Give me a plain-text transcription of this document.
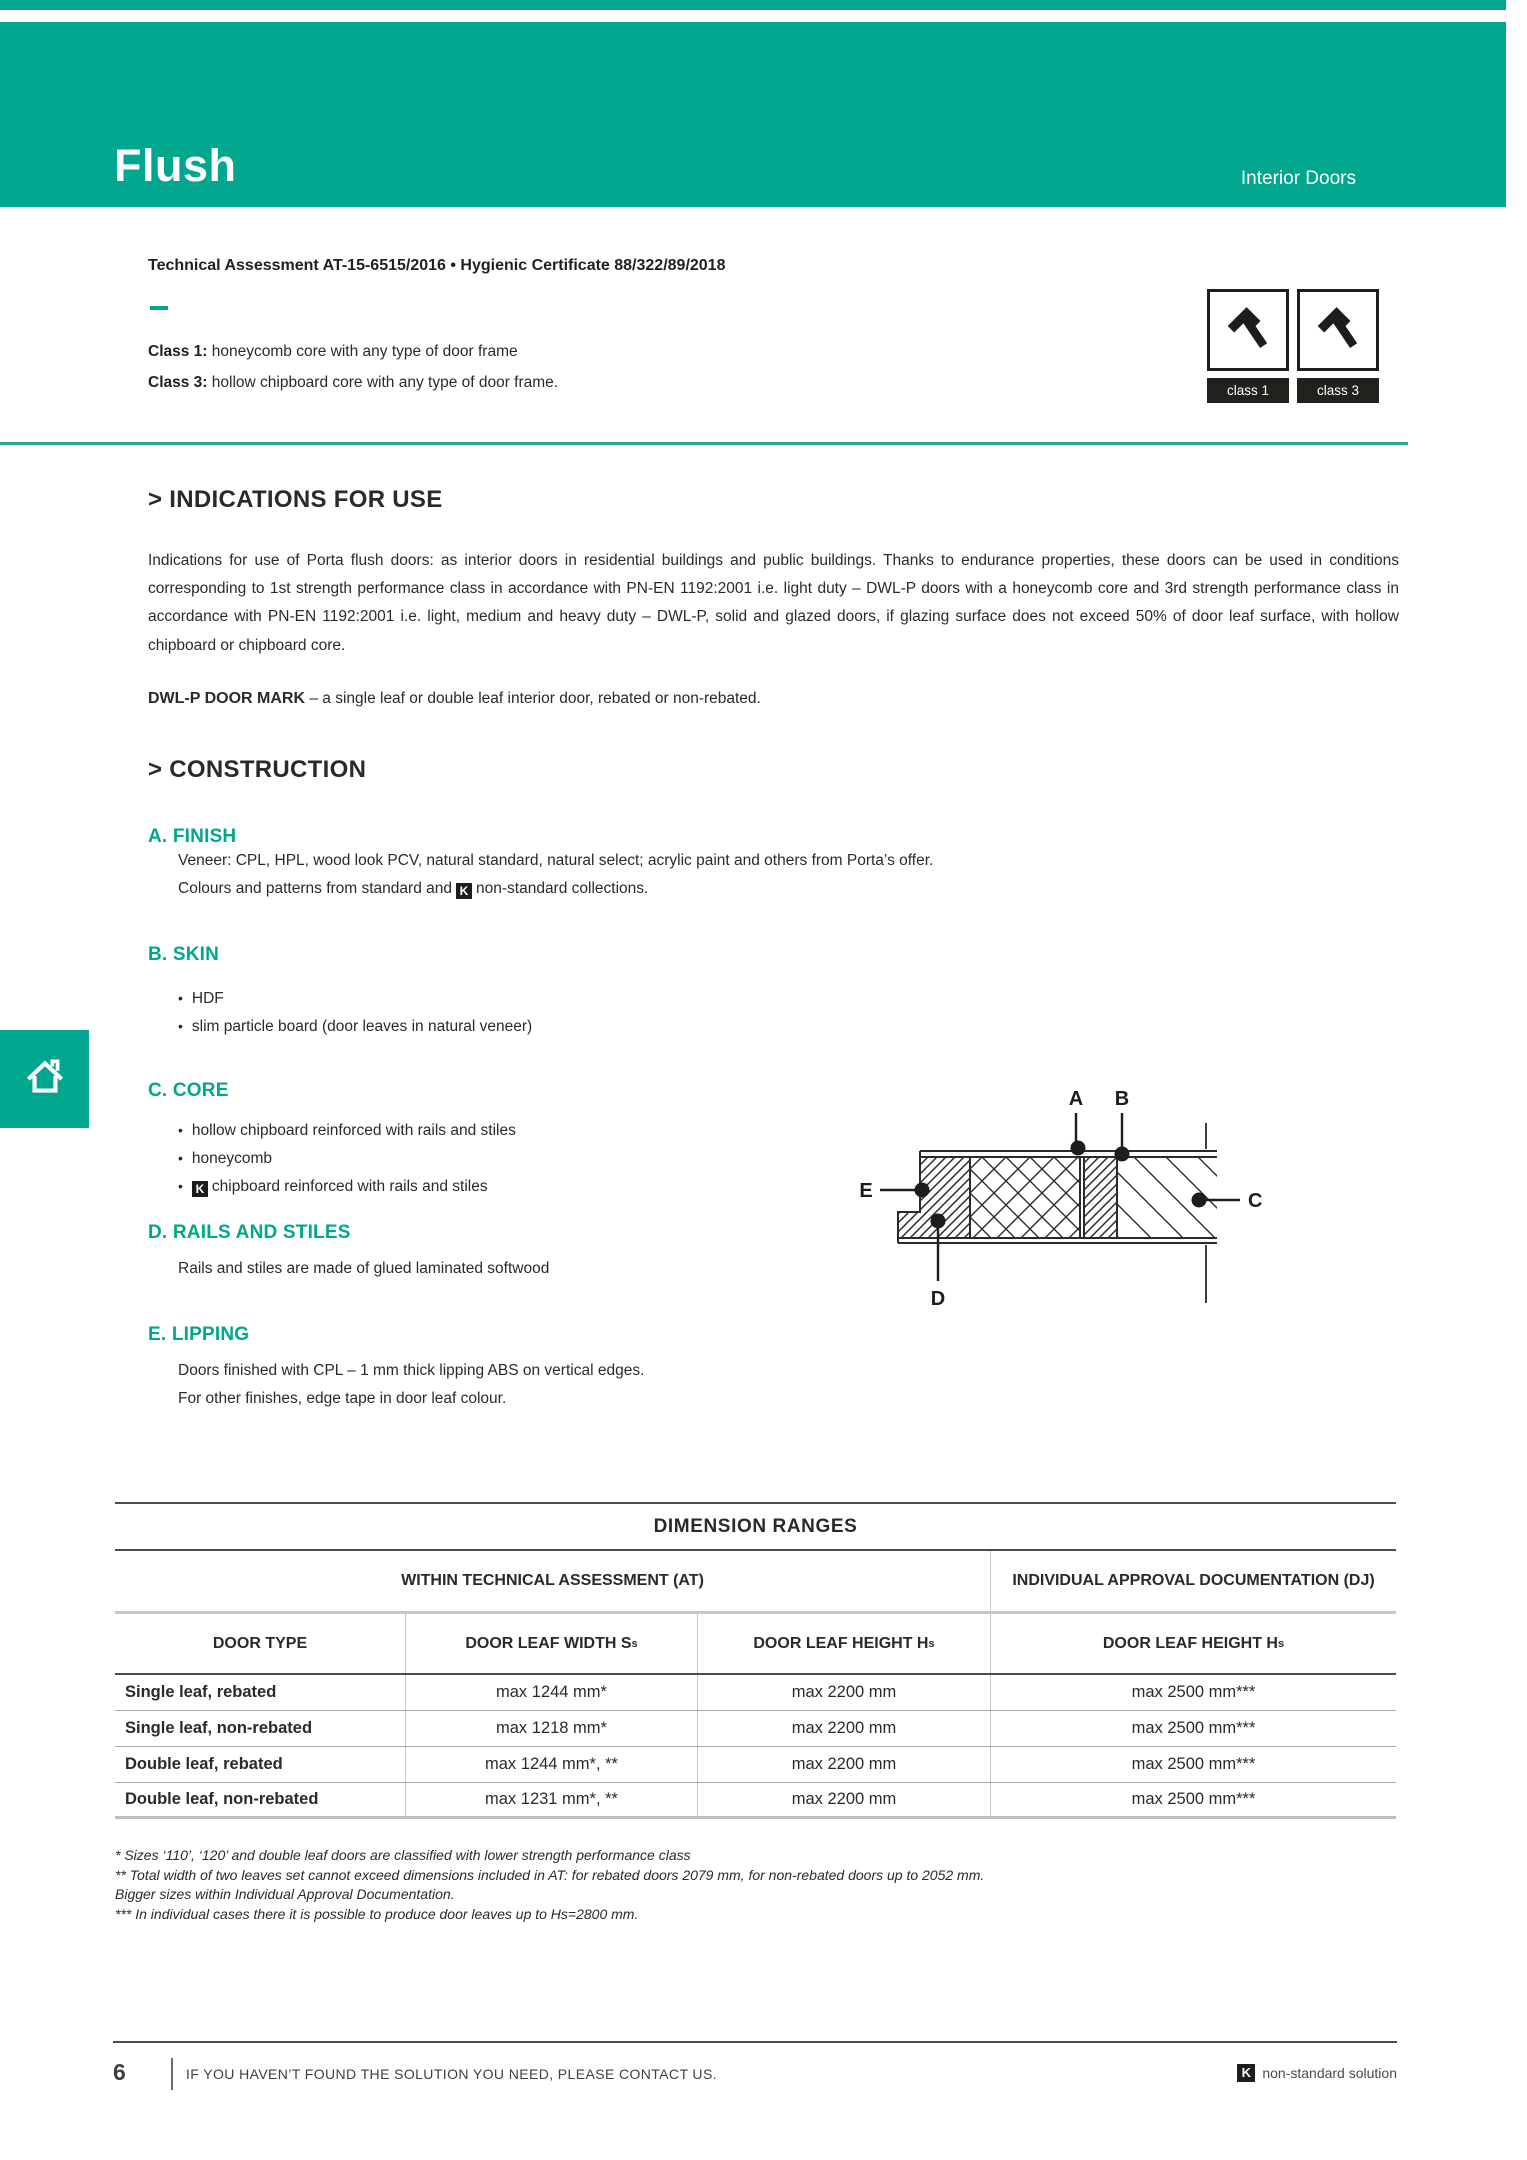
Flush	Interior Doors
Technical Assessment AT-15-6515/2016 • Hygienic Certificate 88/322/89/2018
Class 1: honeycomb core with any type of door frame
Class 3: hollow chipboard core with any type of door frame.	class 1	class 3
> INDICATIONS FOR USE
Indications for use of Porta flush doors: as interior doors in residential buildings and public buildings. Thanks to endurance properties, these doors can be used in conditions corresponding to 1st strength performance class in accordance with PN-EN 1192:2001 i.e. light duty – DWL-P doors with a honeycomb core and 3rd strength performance class in accordance with PN-EN 1192:2001 i.e. light, medium and heavy duty – DWL-P, solid and glazed doors, if glazing surface does not exceed 50% of door leaf surface, with hollow chipboard or chipboard core.
DWL-P DOOR MARK – a single leaf or double leaf interior door, rebated or non-rebated.
> CONSTRUCTION
A. FINISH
Veneer: CPL, HPL, wood look PCV, natural standard, natural select; acrylic paint and others from Porta’s offer.
Colours and patterns from standard and K non-standard collections.
B. SKIN
• HDF
• slim particle board (door leaves in natural veneer)
C. CORE
• hollow chipboard reinforced with rails and stiles
• honeycomb
• K chipboard reinforced with rails and stiles
D. RAILS AND STILES
Rails and stiles are made of glued laminated softwood
E. LIPPING
Doors finished with CPL – 1 mm thick lipping ABS on vertical edges.
For other finishes, edge tape in door leaf colour.
A B
C
D
E
DIMENSION RANGES
WITHIN TECHNICAL ASSESSMENT (AT)	INDIVIDUAL APPROVAL DOCUMENTATION (DJ)
DOOR TYPE	DOOR LEAF WIDTH S s	DOOR LEAF HEIGHT H s	DOOR LEAF HEIGHT H s
Single leaf, rebated	max 1244 mm*	max 2200 mm	max 2500 mm***
Single leaf, non-rebated	max 1218 mm*	max 2200 mm	max 2500 mm***
Double leaf, rebated	max 1244 mm*, **	max 2200 mm	max 2500 mm***
Double leaf, non-rebated	max 1231 mm*, **	max 2200 mm	max 2500 mm***
* Sizes ‘110’, ‘120’ and double leaf doors are classified with lower strength performance class
** Total width of two leaves set cannot exceed dimensions included in AT: for rebated doors 2079 mm, for non-rebated doors up to 2052 mm.
Bigger sizes within Individual Approval Documentation.
*** In individual cases there it is possible to produce door leaves up to Hs=2800 mm.
6	IF YOU HAVEN’T FOUND THE SOLUTION YOU NEED, PLEASE CONTACT US.	K non-standard solution
